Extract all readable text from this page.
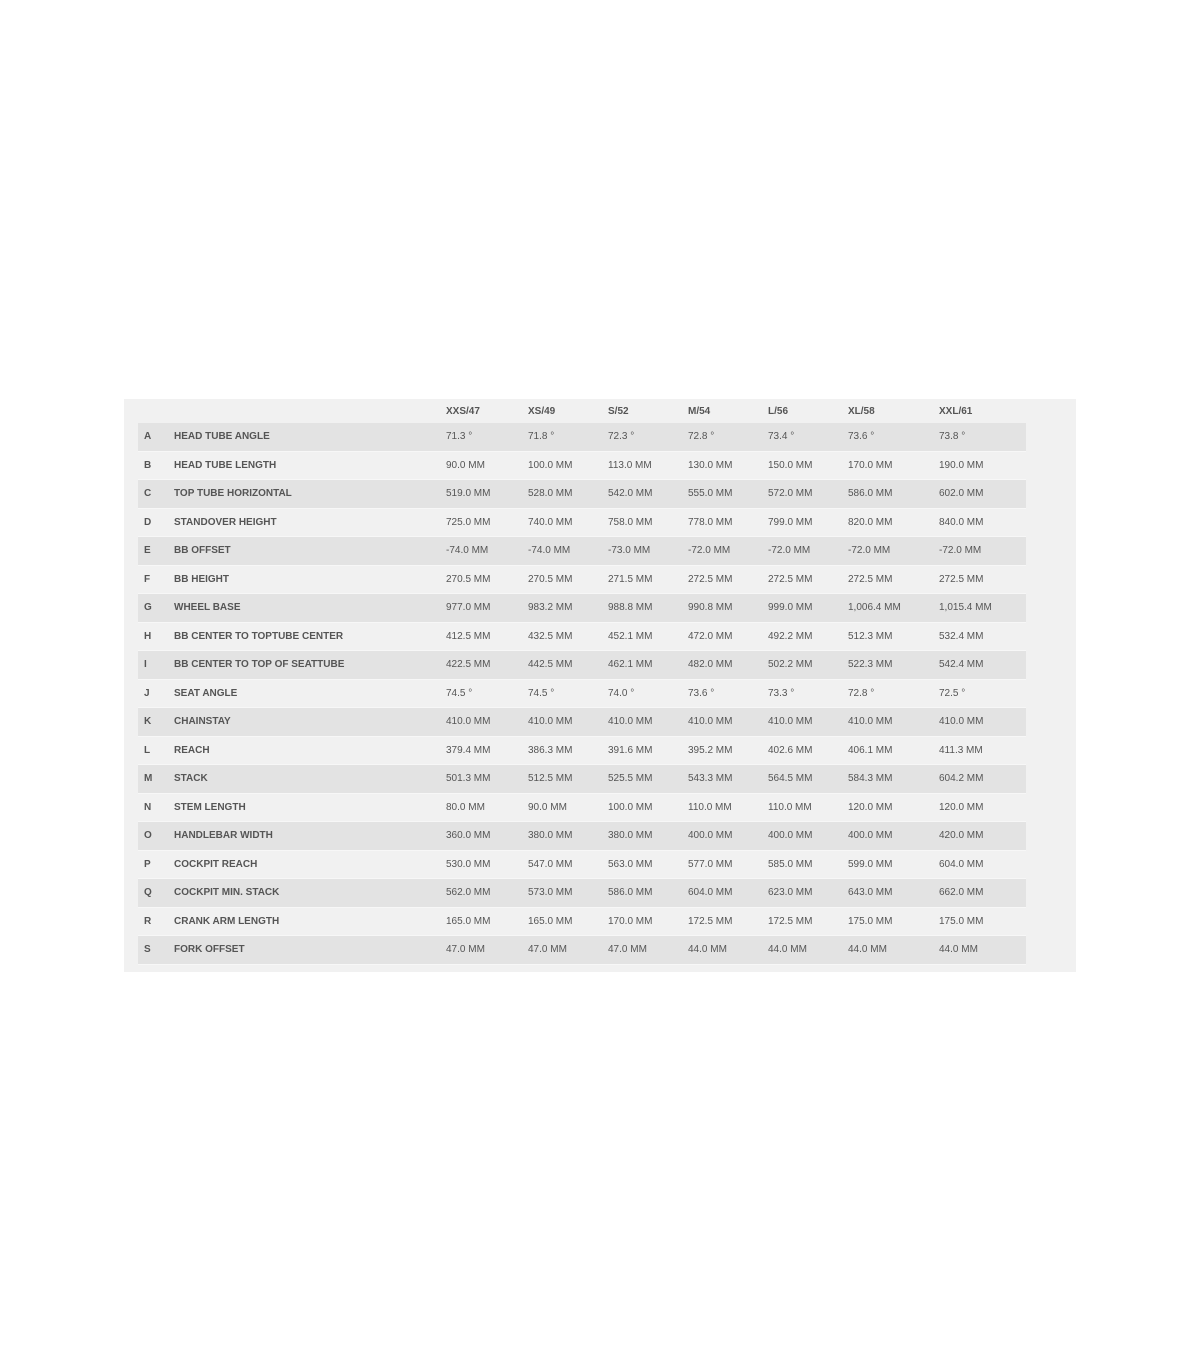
		XXS/47	XS/49	S/52	M/54	L/56	XL/58	XXL/61
A	HEAD TUBE ANGLE	71.3 °	71.8 °	72.3 °	72.8 °	73.4 °	73.6 °	73.8 °
B	HEAD TUBE LENGTH	90.0 MM	100.0 MM	113.0 MM	130.0 MM	150.0 MM	170.0 MM	190.0 MM
C	TOP TUBE HORIZONTAL	519.0 MM	528.0 MM	542.0 MM	555.0 MM	572.0 MM	586.0 MM	602.0 MM
D	STANDOVER HEIGHT	725.0 MM	740.0 MM	758.0 MM	778.0 MM	799.0 MM	820.0 MM	840.0 MM
E	BB OFFSET	-74.0 MM	-74.0 MM	-73.0 MM	-72.0 MM	-72.0 MM	-72.0 MM	-72.0 MM
F	BB HEIGHT	270.5 MM	270.5 MM	271.5 MM	272.5 MM	272.5 MM	272.5 MM	272.5 MM
G	WHEEL BASE	977.0 MM	983.2 MM	988.8 MM	990.8 MM	999.0 MM	1,006.4 MM	1,015.4 MM
H	BB CENTER TO TOPTUBE CENTER	412.5 MM	432.5 MM	452.1 MM	472.0 MM	492.2 MM	512.3 MM	532.4 MM
I	BB CENTER TO TOP OF SEATTUBE	422.5 MM	442.5 MM	462.1 MM	482.0 MM	502.2 MM	522.3 MM	542.4 MM
J	SEAT ANGLE	74.5 °	74.5 °	74.0 °	73.6 °	73.3 °	72.8 °	72.5 °
K	CHAINSTAY	410.0 MM	410.0 MM	410.0 MM	410.0 MM	410.0 MM	410.0 MM	410.0 MM
L	REACH	379.4 MM	386.3 MM	391.6 MM	395.2 MM	402.6 MM	406.1 MM	411.3 MM
M	STACK	501.3 MM	512.5 MM	525.5 MM	543.3 MM	564.5 MM	584.3 MM	604.2 MM
N	STEM LENGTH	80.0 MM	90.0 MM	100.0 MM	110.0 MM	110.0 MM	120.0 MM	120.0 MM
O	HANDLEBAR WIDTH	360.0 MM	380.0 MM	380.0 MM	400.0 MM	400.0 MM	400.0 MM	420.0 MM
P	COCKPIT REACH	530.0 MM	547.0 MM	563.0 MM	577.0 MM	585.0 MM	599.0 MM	604.0 MM
Q	COCKPIT MIN. STACK	562.0 MM	573.0 MM	586.0 MM	604.0 MM	623.0 MM	643.0 MM	662.0 MM
R	CRANK ARM LENGTH	165.0 MM	165.0 MM	170.0 MM	172.5 MM	172.5 MM	175.0 MM	175.0 MM
S	FORK OFFSET	47.0 MM	47.0 MM	47.0 MM	44.0 MM	44.0 MM	44.0 MM	44.0 MM
